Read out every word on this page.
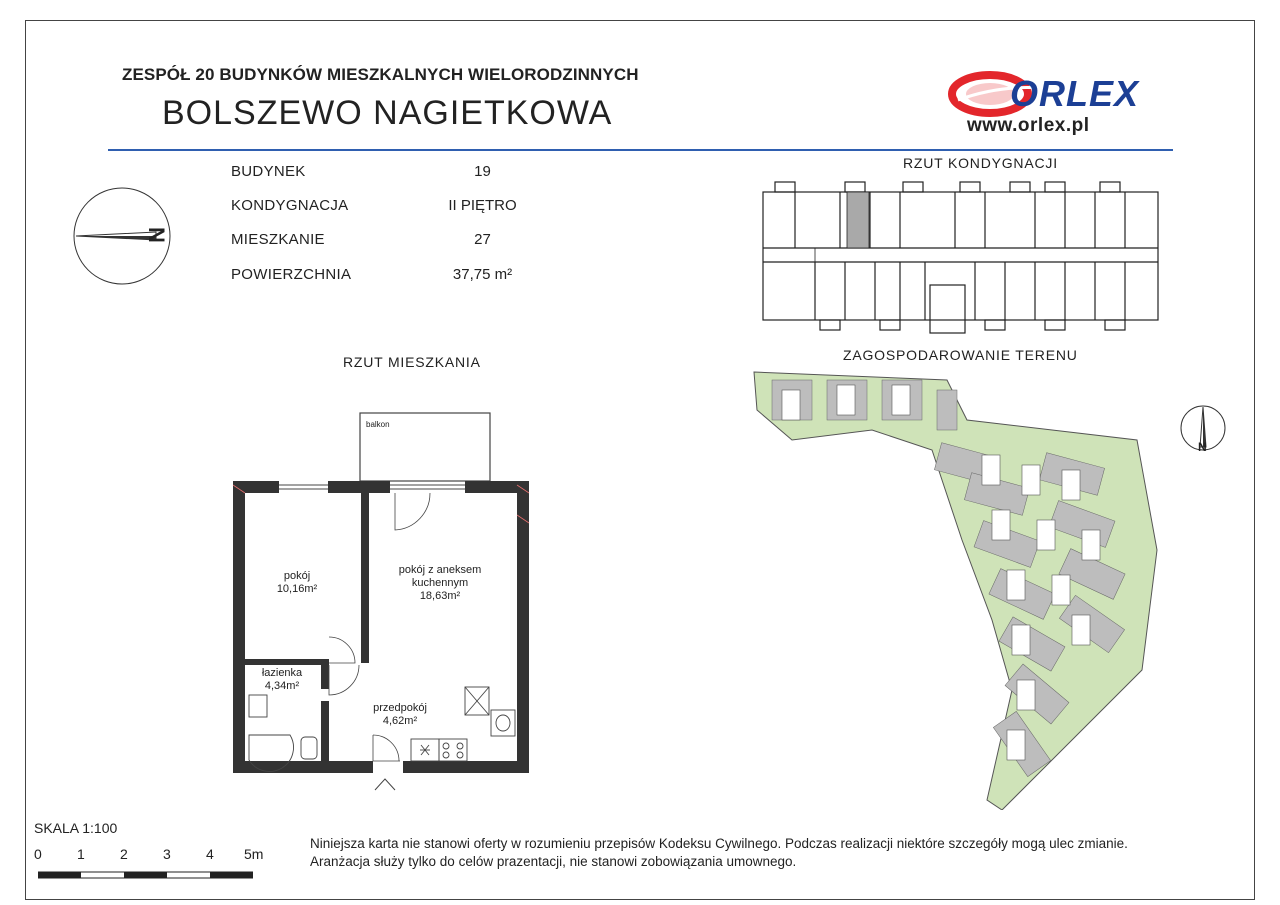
ZESPÓŁ 20 BUDYNKÓW MIESZKALNYCH WIELORODZINNYCH
BOLSZEWO NAGIETKOWA	ORLEX
www.orlex.pl
BUDYNEK	19
KONDYGNACJA	II PIĘTRO
MIESZKANIE	27
POWIERZCHNIA	37,75 m²
N
RZUT KONDYGNACJI
RZUT MIESZKANIA	ZAGOSPODAROWANIE TERENU
N
balkon
pokój
10,16m²
pokój z aneksem
kuchennym
18,63m²
łazienka
4,34m²
przedpokój
4,62m²
SKALA 1:100
0	1	2	3	4 5m
Niniejsza karta nie stanowi oferty w rozumieniu przepisów Kodeksu Cywilnego. Podczas realizacji niektóre szczegóły mogą ulec zmianie.
Aranżacja służy tylko do celów prazentacji, nie stanowi zobowiązania umownego.
